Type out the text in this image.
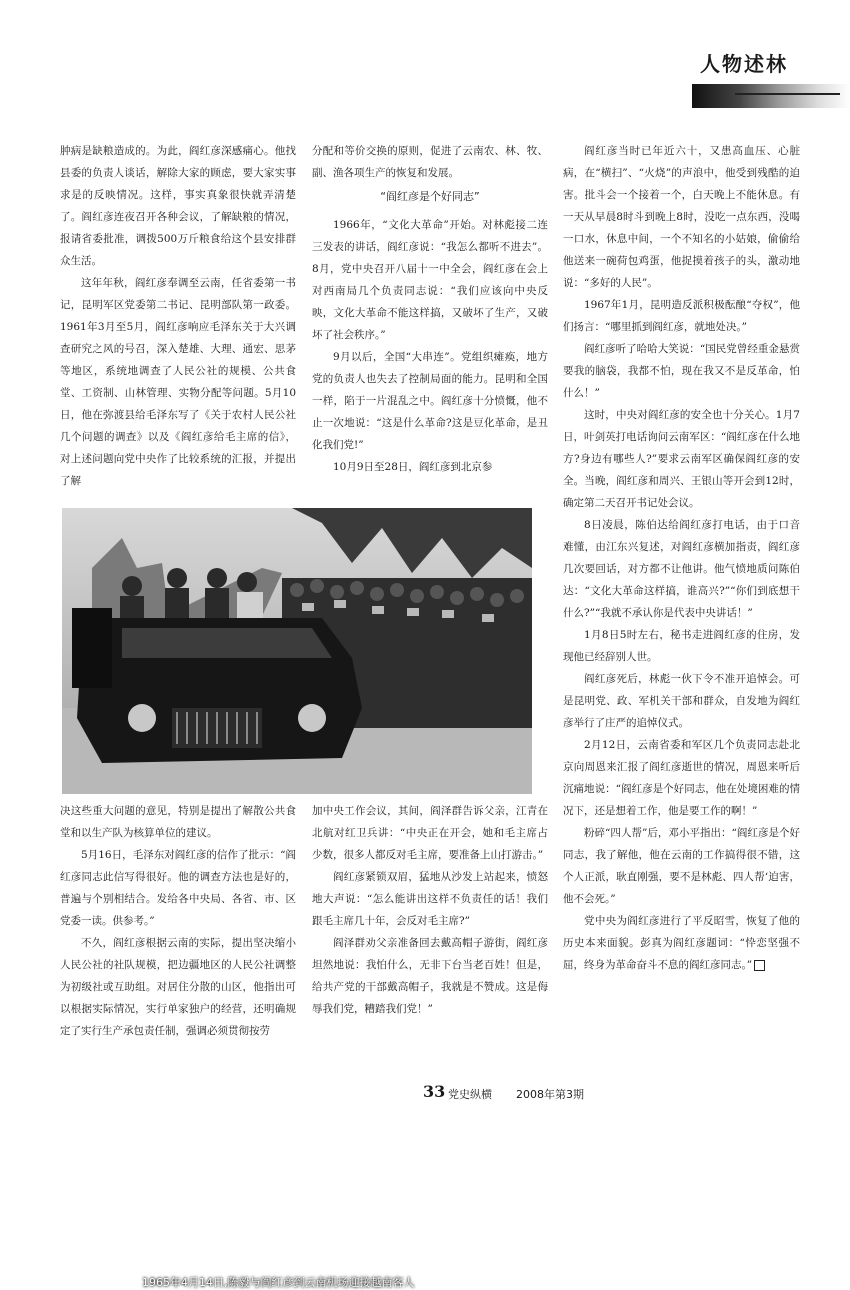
人物述林

肿病是缺粮造成的。为此，阎红彦深感痛心。他找县委的负责人谈话，解除大家的顾虑，要大家实事求是的反映情况。这样，事实真象很快就弄清楚了。阎红彦连夜召开各种会议，了解缺粮的情况，报请省委批准，调拨500万斤粮食给这个县安排群众生活。

这年年秋，阎红彦奉调至云南，任省委第一书记，昆明军区党委第二书记、昆明部队第一政委。1961年3月至5月，阎红彦响应毛泽东关于大兴调查研究之风的号召，深入楚雄、大理、通宏、思茅等地区，系统地调查了人民公社的规模、公共食堂、工资制、山林管理、实物分配等问题。5月10日，他在弥渡县给毛泽东写了《关于农村人民公社几个问题的调查》以及《阎红彦给毛主席的信》，对上述问题向党中央作了比较系统的汇报，并提出了解

分配和等价交换的原则，促进了云南农、林、牧、副、渔各项生产的恢复和发展。

“阎红彦是个好同志”

1966年，“文化大革命”开始。对林彪接二连三发表的讲话，阎红彦说：“我怎么都听不进去”。8月，党中央召开八届十一中全会，阎红彦在会上对西南局几个负责同志说：“我们应该向中央反映，文化大革命不能这样搞，又破坏了生产，又破坏了社会秩序。”

9月以后，全国“大串连”。党组织瘫痪，地方党的负责人也失去了控制局面的能力。昆明和全国一样，陷于一片混乱之中。阎红彦十分愤慨，他不止一次地说：“这是什么革命?这是豆化革命，是丑化我们党!”

10月9日至28日，阎红彦到北京参

阎红彦当时已年近六十，又患高血压、心脏病，在“横扫”、“火烧”的声浪中，他受到残酷的迫害。批斗会一个接着一个，白天晚上不能休息。有一天从早晨8时斗到晚上8时，没吃一点东西，没喝一口水，休息中间，一个不知名的小姑娘，偷偷给他送来一碗荷包鸡蛋，他捉摸着孩子的头，激动地说：“多好的人民”。

1967年1月，昆明造反派积极酝酿“夺权”，他们扬言：“哪里抓到阎红彦，就地处决。”

阎红彦听了哈哈大笑说：“国民党曾经重金悬赏要我的脑袋，我都不怕，现在我又不是反革命，怕什么！”

这时，中央对阎红彦的安全也十分关心。1月7日，叶剑英打电话询问云南军区：“阎红彦在什么地方?身边有哪些人?”要求云南军区确保阎红彦的安全。当晚，阎红彦和周兴、王银山等开会到12时，确定第二天召开书记处会议。

8日凌晨，陈伯达给阎红彦打电话，由于口音难懂，由江东兴复述，对阎红彦横加指责，阎红彦几次要回话，对方都不让他讲。他气愤地质问陈伯达：“文化大革命这样搞，谁高兴?”“你们到底想干什么?”“我就不承认你是代表中央讲话！”

1月8日5时左右，秘书走进阎红彦的住房，发现他已经辞别人世。

阎红彦死后，林彪一伙下令不准开追悼会。可是昆明党、政、军机关干部和群众，自发地为阎红彦举行了庄严的追悼仪式。

2月12日，云南省委和军区几个负责同志赴北京向周恩来汇报了阎红彦逝世的情况，周恩来听后沉痛地说：“阎红彦是个好同志，他在处境困难的情况下，还是想着工作，他是要工作的啊！”

粉碎“四人帮”后，邓小平指出：“阎红彦是个好同志，我了解他，他在云南的工作搞得很不错，这个人正派，耿直刚强，要不是林彪、四人帮‘迫害，他不会死。”

党中央为阎红彦进行了平反昭雪，恢复了他的历史本来面貌。彭真为阎红彦题词：“忰恋坚强不屈，终身为革命奋斗不息的阎红彦同志。”

1965年4月14日,陈毅与阎红彦到云南机场迎接越南客人

决这些重大问题的意见，特别是提出了解散公共食堂和以生产队为核算单位的建议。

5月16日，毛泽东对阎红彦的信作了批示：“阎红彦同志此信写得很好。他的调查方法也是好的，普遍与个别相结合。发给各中央局、各省、市、区党委一读。供参考。”

不久，阎红彦根据云南的实际，提出坚决缩小人民公社的社队规模，把边疆地区的人民公社调整为初级社或互助组。对居住分散的山区，他指出可以根据实际情况，实行单家独户的经营，还明确规定了实行生产承包责任制，强调必须贯彻按劳

加中央工作会议，其间，阎泽群告诉父亲，江青在北航对红卫兵讲：“中央正在开会，她和毛主席占少数，很多人都反对毛主席，要准备上山打游击。”

阎红彦紧锁双眉，猛地从沙发上站起来，愤怒地大声说：“怎么能讲出这样不负责任的话！我们跟毛主席几十年，会反对毛主席?”

阎泽群劝父亲准备回去戴高帽子游街，阎红彦坦然地说：我怕什么，无非下台当老百姓！但是，给共产党的干部戴高帽子，我就是不赞成。这是侮辱我们党，糟踏我们党！”

33 党史纵横 2008年第3期
